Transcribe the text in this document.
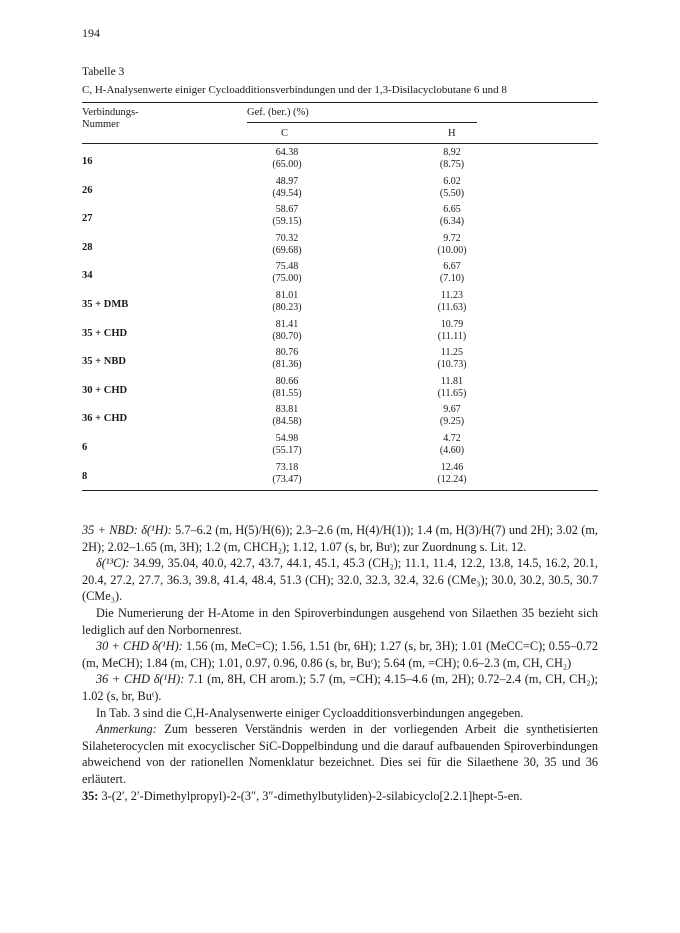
194
Tabelle 3
C, H-Analysenwerte einiger Cycloadditionsverbindungen und der 1,3-Disilacyclobutane 6 und 8
Verbindungs-
Nummer
Gef. (ber.) (%)
C	H
64.38
(65.00)
8.92
(8.75)
16
48.97
(49.54)
6.02
(5.50)
26
58.67
(59.15)
6.65
(6.34)
27
70.32
(69.68)
9.72
(10.00)
28
75.48
(75.00)
6.67
(7.10)
34
81.01
(80.23)
11.23
(11.63)
35 + DMB
81.41
(80.70)
10.79
(11.11)
35 + CHD
80.76
(81.36)
11.25
(10.73)
35 + NBD
80.66
(81.55)
11.81
(11.65)
30 + CHD
83.81
(84.58)
9.67
(9.25)
36 + CHD
54.98
(55.17)
4.72
(4.60)
6
73.18
(73.47)
12.46
(12.24)
8

35 + NBD: δ(¹H): 5.7–6.2 (m, H(5)/H(6)); 2.3–2.6 (m, H(4)/H(1)); 1.4 (m, H(3)/H(7) und 2H); 3.02 (m, 2H); 2.02–1.65 (m, 3H); 1.2 (m, CHCH₂); 1.12, 1.07 (s, br, Buᵗ); zur Zuordnung s. Lit. 12.

δ(¹³C): 34.99, 35.04, 40.0, 42.7, 43.7, 44.1, 45.1, 45.3 (CH₂); 11.1, 11.4, 12.2, 13.8, 14.5, 16.2, 20.1, 20.4, 27.2, 27.7, 36.3, 39.8, 41.4, 48.4, 51.3 (CH); 32.0, 32.3, 32.4, 32.6 (CMe₃); 30.0, 30.2, 30.5, 30.7 (CMe₃).

Die Numerierung der H-Atome in den Spiroverbindungen ausgehend von Silaethen 35 bezieht sich lediglich auf den Norbornenrest.

30 + CHD δ(¹H): 1.56 (m, MeC=C); 1.56, 1.51 (br, 6H); 1.27 (s, br, 3H); 1.01 (MeCC=C); 0.55–0.72 (m, MeCH); 1.84 (m, CH); 1.01, 0.97, 0.96, 0.86 (s, br, Buᵗ); 5.64 (m, =CH); 0.6–2.3 (m, CH, CH₂)

36 + CHD δ(¹H): 7.1 (m, 8H, CH arom.); 5.7 (m, =CH); 4.15–4.6 (m, 2H); 0.72–2.4 (m, CH, CH₂); 1.02 (s, br, Buᵗ).

In Tab. 3 sind die C,H-Analysenwerte einiger Cycloadditionsverbindungen angegeben.

Anmerkung: Zum besseren Verständnis werden in der vorliegenden Arbeit die synthetisierten Silaheterocyclen mit exocyclischer SiC-Doppelbindung und die darauf aufbauenden Spiroverbindungen abweichend von der rationellen Nomenklatur bezeichnet. Dies sei für die Silaethene 30, 35 und 36 erläutert.

35: 3-(2′, 2′-Dimethylpropyl)-2-(3″, 3″-dimethylbutyliden)-2-silabicyclo[2.2.1]hept-5-en.
